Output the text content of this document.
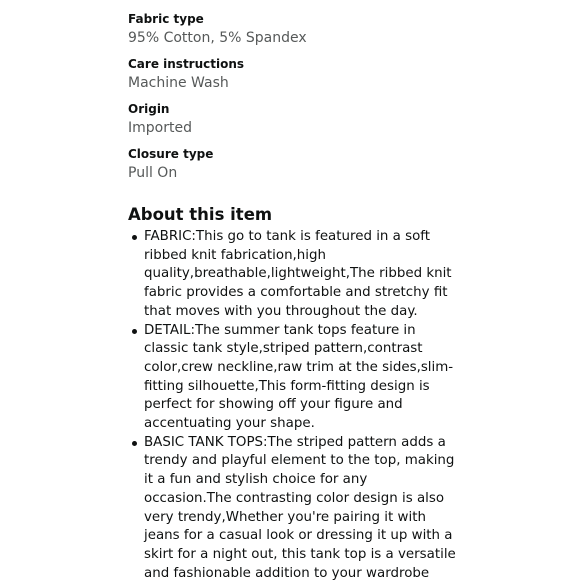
Fabric type
95% Cotton, 5% Spandex
Care instructions
Machine Wash
Origin
Imported
Closure type
Pull On
About this item
FABRIC:This go to tank is featured in a soft ribbed knit fabrication,high quality,breathable,lightweight,The ribbed knit fabric provides a comfortable and stretchy fit that moves with you throughout the day.
DETAIL:The summer tank tops feature in classic tank style,striped pattern,contrast color,crew neckline,raw trim at the sides,slim-fitting silhouette,This form-fitting design is perfect for showing off your figure and accentuating your shape.
BASIC TANK TOPS:The striped pattern adds a trendy and playful element to the top, making it a fun and stylish choice for any occasion.The contrasting color design is also very trendy,Whether you're pairing it with jeans for a casual look or dressing it up with a skirt for a night out, this tank top is a versatile and fashionable addition to your wardrobe
